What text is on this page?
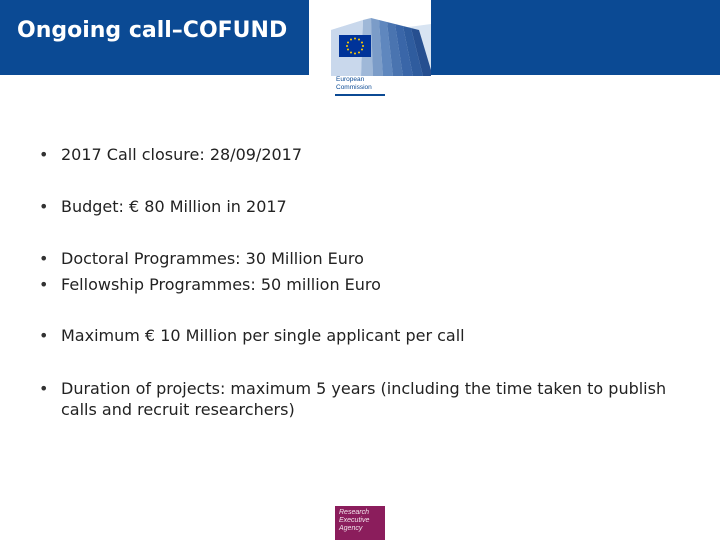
Ongoing call–COFUND
European
Commission
• 2017 Call closure: 28/09/2017
• Budget: € 80 Million in 2017
• Doctoral Programmes: 30 Million Euro
• Fellowship Programmes: 50 million Euro
• Maximum € 10 Million per single applicant per call
• Duration of projects: maximum 5 years (including the time taken to publish calls and recruit researchers)
Research
Executive
Agency
